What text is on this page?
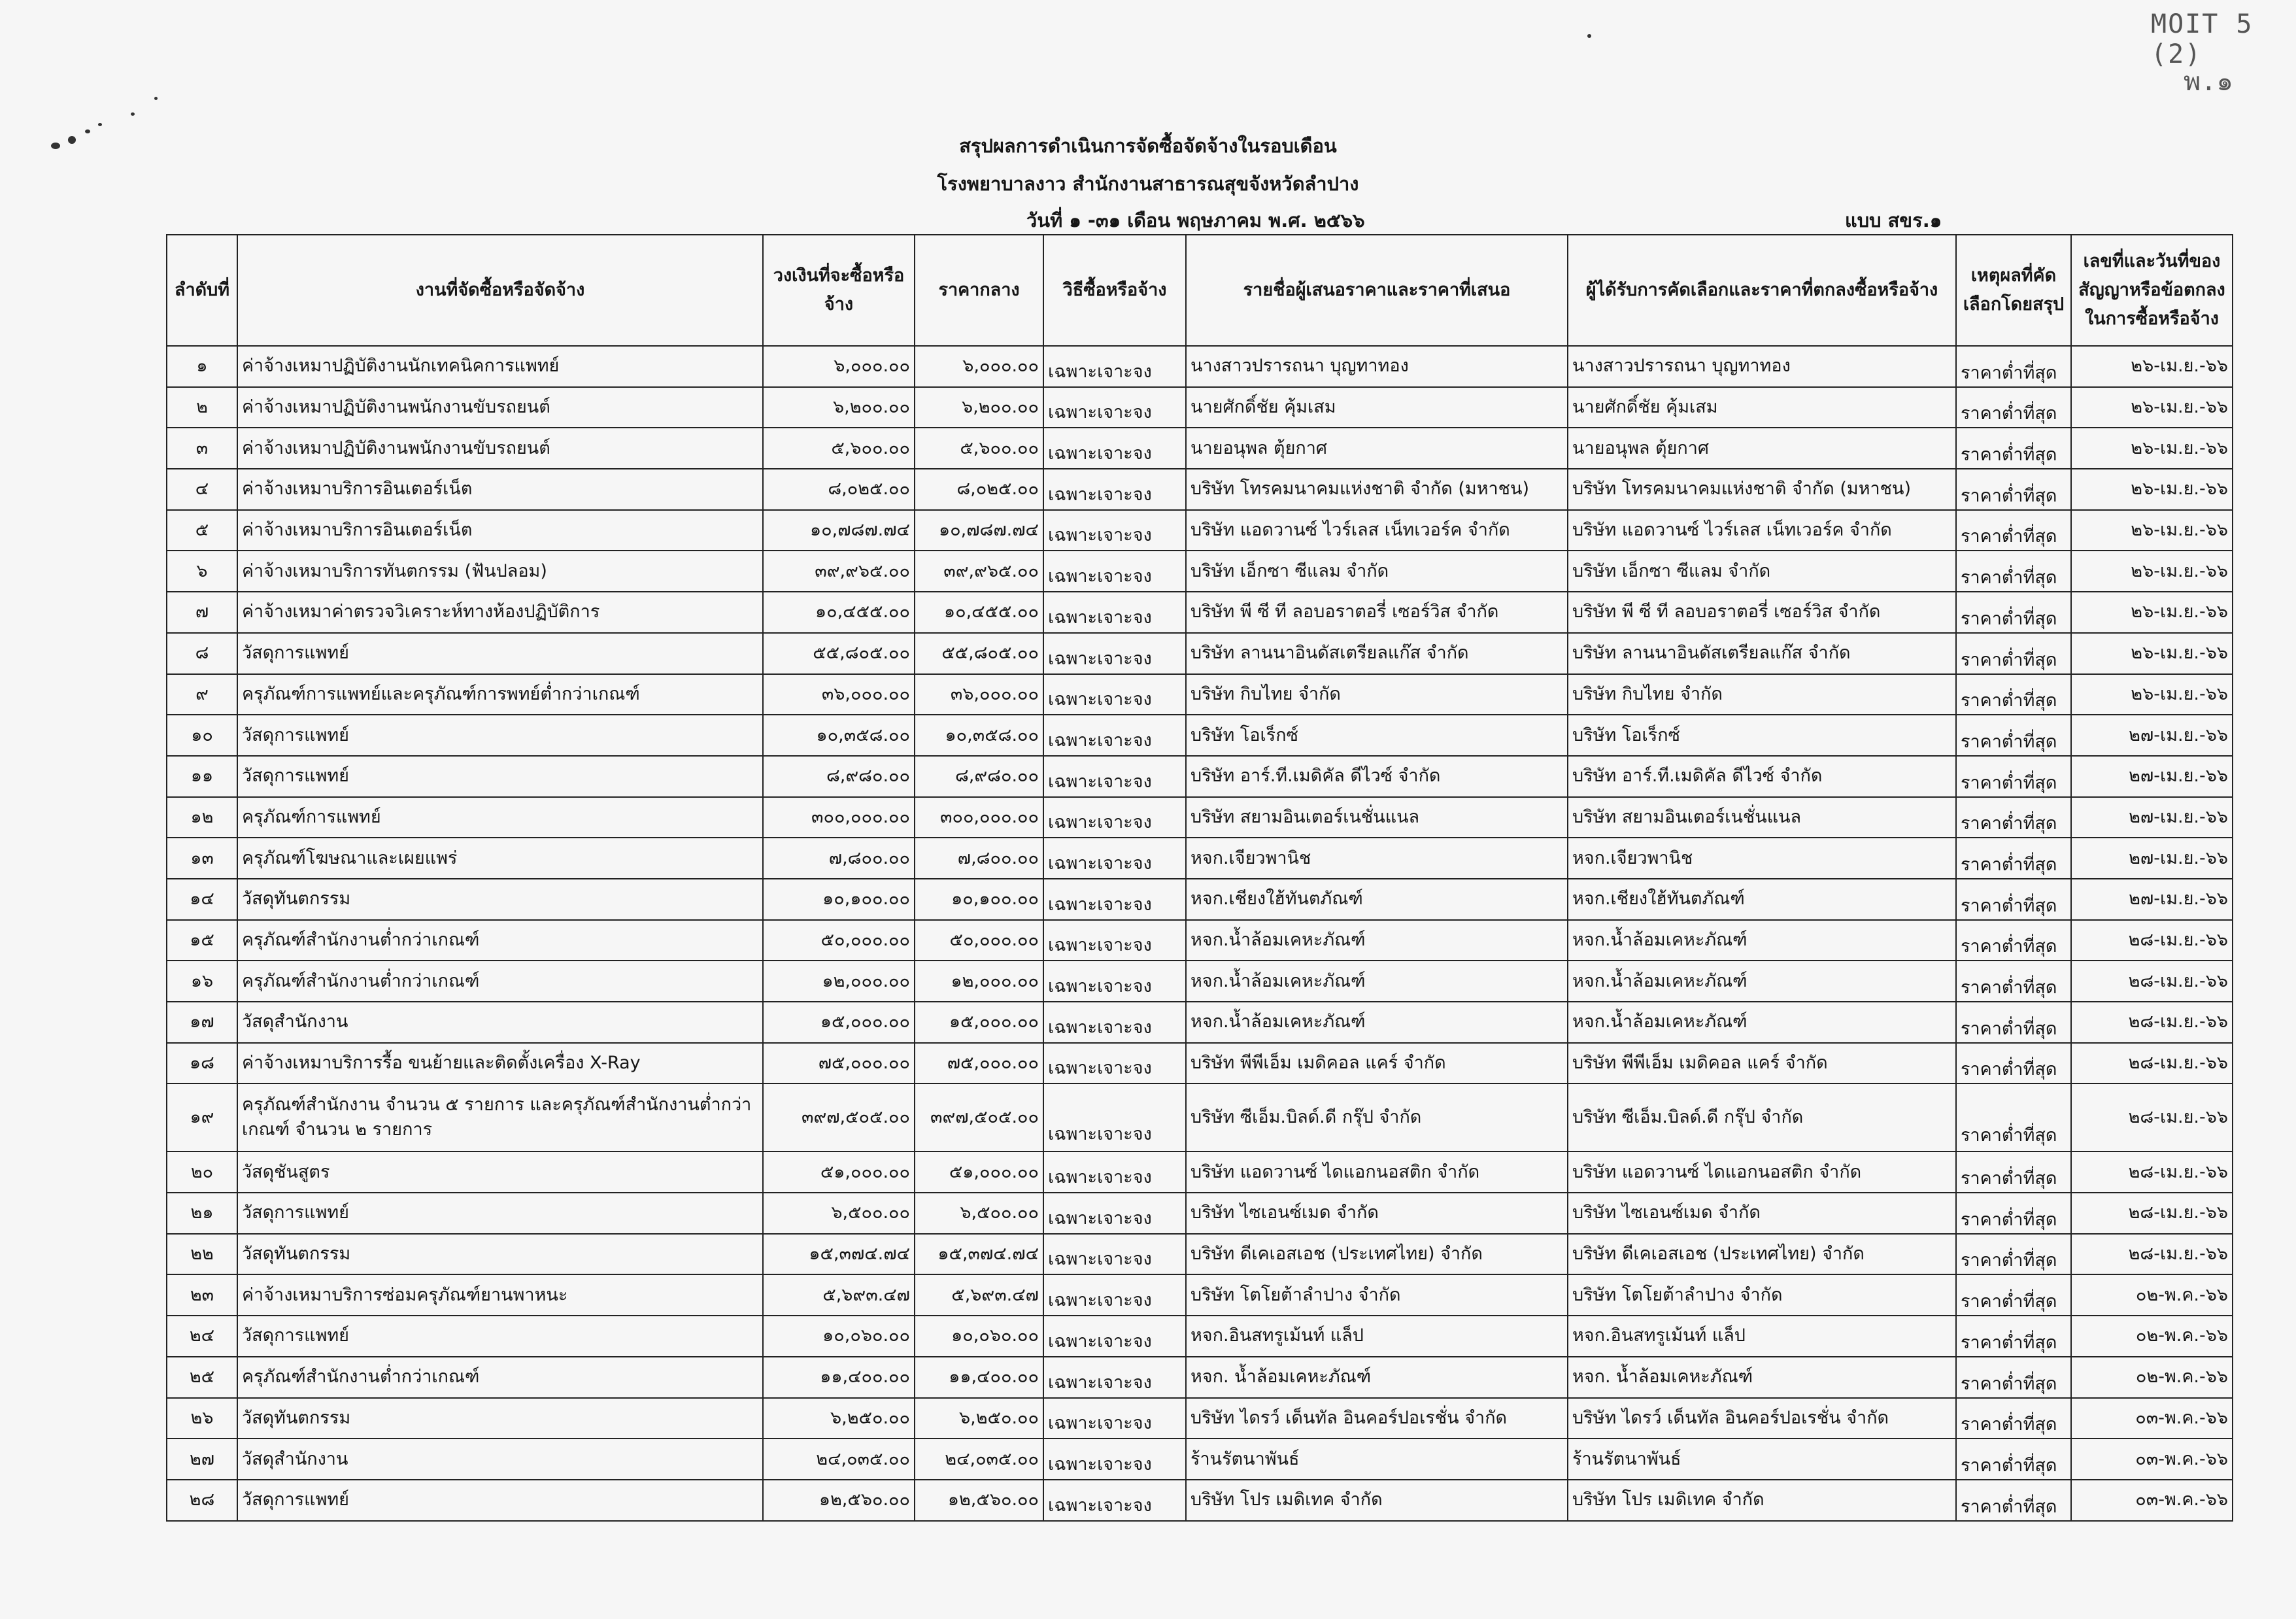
MOIT 5 (2)
พ.๑
สรุปผลการดำเนินการจัดซื้อจัดจ้างในรอบเดือน
โรงพยาบาลงาว สำนักงานสาธารณสุขจังหวัดลำปาง
วันที่ ๑ -๓๑ เดือน พฤษภาคม พ.ศ. ๒๕๖๖	แบบ สขร.๑
ลำดับที่	งานที่จัดซื้อหรือจัดจ้าง	วงเงินที่จะซื้อหรือจ้าง	ราคากลาง	วิธีซื้อหรือจ้าง	รายชื่อผู้เสนอราคาและราคาที่เสนอ	ผู้ได้รับการคัดเลือกและราคาที่ตกลงซื้อหรือจ้าง	เหตุผลที่คัดเลือกโดยสรุป	เลขที่และวันที่ของสัญญาหรือข้อตกลงในการซื้อหรือจ้าง
๑	ค่าจ้างเหมาปฏิบัติงานนักเทคนิคการแพทย์	๖,๐๐๐.๐๐	๖,๐๐๐.๐๐	เฉพาะเจาะจง	นางสาวปรารถนา บุญทาทอง	นางสาวปรารถนา บุญทาทอง	ราคาต่ำที่สุด	๒๖-เม.ย.-๖๖
๒	ค่าจ้างเหมาปฏิบัติงานพนักงานขับรถยนต์	๖,๒๐๐.๐๐	๖,๒๐๐.๐๐	เฉพาะเจาะจง	นายศักดิ์ชัย คุ้มเสม	นายศักดิ์ชัย คุ้มเสม	ราคาต่ำที่สุด	๒๖-เม.ย.-๖๖
๓	ค่าจ้างเหมาปฏิบัติงานพนักงานขับรถยนต์	๕,๖๐๐.๐๐	๕,๖๐๐.๐๐	เฉพาะเจาะจง	นายอนุพล ตุ้ยกาศ	นายอนุพล ตุ้ยกาศ	ราคาต่ำที่สุด	๒๖-เม.ย.-๖๖
๔	ค่าจ้างเหมาบริการอินเตอร์เน็ต	๘,๐๒๕.๐๐	๘,๐๒๕.๐๐	เฉพาะเจาะจง	บริษัท โทรคมนาคมแห่งชาติ จำกัด (มหาชน)	บริษัท โทรคมนาคมแห่งชาติ จำกัด (มหาชน)	ราคาต่ำที่สุด	๒๖-เม.ย.-๖๖
๕	ค่าจ้างเหมาบริการอินเตอร์เน็ต	๑๐,๗๘๗.๗๔	๑๐,๗๘๗.๗๔	เฉพาะเจาะจง	บริษัท แอดวานซ์ ไวร์เลส เน็ทเวอร์ค จำกัด	บริษัท แอดวานซ์ ไวร์เลส เน็ทเวอร์ค จำกัด	ราคาต่ำที่สุด	๒๖-เม.ย.-๖๖
๖	ค่าจ้างเหมาบริการทันตกรรม (ฟันปลอม)	๓๙,๙๖๕.๐๐	๓๙,๙๖๕.๐๐	เฉพาะเจาะจง	บริษัท เอ็กซา ซีแลม จำกัด	บริษัท เอ็กซา ซีแลม จำกัด	ราคาต่ำที่สุด	๒๖-เม.ย.-๖๖
๗	ค่าจ้างเหมาค่าตรวจวิเคราะห์ทางห้องปฏิบัติการ	๑๐,๔๕๕.๐๐	๑๐,๔๕๕.๐๐	เฉพาะเจาะจง	บริษัท พี ซี ที ลอบอราตอรี่ เซอร์วิส จำกัด	บริษัท พี ซี ที ลอบอราตอรี่ เซอร์วิส จำกัด	ราคาต่ำที่สุด	๒๖-เม.ย.-๖๖
๘	วัสดุการแพทย์	๕๕,๘๐๕.๐๐	๕๕,๘๐๕.๐๐	เฉพาะเจาะจง	บริษัท ลานนาอินดัสเตรียลแก๊ส จำกัด	บริษัท ลานนาอินดัสเตรียลแก๊ส จำกัด	ราคาต่ำที่สุด	๒๖-เม.ย.-๖๖
๙	ครุภัณฑ์การแพทย์และครุภัณฑ์การพทย์ต่ำกว่าเกณฑ์	๓๖,๐๐๐.๐๐	๓๖,๐๐๐.๐๐	เฉพาะเจาะจง	บริษัท กิบไทย จำกัด	บริษัท กิบไทย จำกัด	ราคาต่ำที่สุด	๒๖-เม.ย.-๖๖
๑๐	วัสดุการแพทย์	๑๐,๓๕๘.๐๐	๑๐,๓๕๘.๐๐	เฉพาะเจาะจง	บริษัท โอเร็กซ์	บริษัท โอเร็กซ์	ราคาต่ำที่สุด	๒๗-เม.ย.-๖๖
๑๑	วัสดุการแพทย์	๘,๙๘๐.๐๐	๘,๙๘๐.๐๐	เฉพาะเจาะจง	บริษัท อาร์.ที.เมดิคัล ดีไวซ์ จำกัด	บริษัท อาร์.ที.เมดิคัล ดีไวซ์ จำกัด	ราคาต่ำที่สุด	๒๗-เม.ย.-๖๖
๑๒	ครุภัณฑ์การแพทย์	๓๐๐,๐๐๐.๐๐	๓๐๐,๐๐๐.๐๐	เฉพาะเจาะจง	บริษัท สยามอินเตอร์เนชั่นแนล	บริษัท สยามอินเตอร์เนชั่นแนล	ราคาต่ำที่สุด	๒๗-เม.ย.-๖๖
๑๓	ครุภัณฑ์โฆษณาและเผยแพร่	๗,๘๐๐.๐๐	๗,๘๐๐.๐๐	เฉพาะเจาะจง	หจก.เจียวพานิช	หจก.เจียวพานิช	ราคาต่ำที่สุด	๒๗-เม.ย.-๖๖
๑๔	วัสดุทันตกรรม	๑๐,๑๐๐.๐๐	๑๐,๑๐๐.๐๐	เฉพาะเจาะจง	หจก.เชียงใฮ้ทันตภัณฑ์	หจก.เชียงใฮ้ทันตภัณฑ์	ราคาต่ำที่สุด	๒๗-เม.ย.-๖๖
๑๕	ครุภัณฑ์สำนักงานต่ำกว่าเกณฑ์	๕๐,๐๐๐.๐๐	๕๐,๐๐๐.๐๐	เฉพาะเจาะจง	หจก.น้ำล้อมเคหะภัณฑ์	หจก.น้ำล้อมเคหะภัณฑ์	ราคาต่ำที่สุด	๒๘-เม.ย.-๖๖
๑๖	ครุภัณฑ์สำนักงานต่ำกว่าเกณฑ์	๑๒,๐๐๐.๐๐	๑๒,๐๐๐.๐๐	เฉพาะเจาะจง	หจก.น้ำล้อมเคหะภัณฑ์	หจก.น้ำล้อมเคหะภัณฑ์	ราคาต่ำที่สุด	๒๘-เม.ย.-๖๖
๑๗	วัสดุสำนักงาน	๑๕,๐๐๐.๐๐	๑๕,๐๐๐.๐๐	เฉพาะเจาะจง	หจก.น้ำล้อมเคหะภัณฑ์	หจก.น้ำล้อมเคหะภัณฑ์	ราคาต่ำที่สุด	๒๘-เม.ย.-๖๖
๑๘	ค่าจ้างเหมาบริการรื้อ ขนย้ายและติดตั้งเครื่อง X-Ray	๗๕,๐๐๐.๐๐	๗๕,๐๐๐.๐๐	เฉพาะเจาะจง	บริษัท พีพีเอ็ม เมดิคอล แคร์ จำกัด	บริษัท พีพีเอ็ม เมดิคอล แคร์ จำกัด	ราคาต่ำที่สุด	๒๘-เม.ย.-๖๖
๑๙	ครุภัณฑ์สำนักงาน จำนวน ๕ รายการ และครุภัณฑ์สำนักงานต่ำกว่าเกณฑ์ จำนวน ๒ รายการ	๓๙๗,๕๐๕.๐๐	๓๙๗,๕๐๕.๐๐	เฉพาะเจาะจง	บริษัท ซีเอ็ม.บิลด์.ดี กรุ๊ป จำกัด	บริษัท ซีเอ็ม.บิลด์.ดี กรุ๊ป จำกัด	ราคาต่ำที่สุด	๒๘-เม.ย.-๖๖
๒๐	วัสดุชันสูตร	๕๑,๐๐๐.๐๐	๕๑,๐๐๐.๐๐	เฉพาะเจาะจง	บริษัท แอดวานซ์ ไดแอกนอสติก จำกัด	บริษัท แอดวานซ์ ไดแอกนอสติก จำกัด	ราคาต่ำที่สุด	๒๘-เม.ย.-๖๖
๒๑	วัสดุการแพทย์	๖,๕๐๐.๐๐	๖,๕๐๐.๐๐	เฉพาะเจาะจง	บริษัท ไซเอนซ์เมด จำกัด	บริษัท ไซเอนซ์เมด จำกัด	ราคาต่ำที่สุด	๒๘-เม.ย.-๖๖
๒๒	วัสดุทันตกรรม	๑๕,๓๗๔.๗๔	๑๕,๓๗๔.๗๔	เฉพาะเจาะจง	บริษัท ดีเคเอสเอช (ประเทศไทย) จำกัด	บริษัท ดีเคเอสเอช (ประเทศไทย) จำกัด	ราคาต่ำที่สุด	๒๘-เม.ย.-๖๖
๒๓	ค่าจ้างเหมาบริการซ่อมครุภัณฑ์ยานพาหนะ	๕,๖๙๓.๔๗	๕,๖๙๓.๔๗	เฉพาะเจาะจง	บริษัท โตโยต้าลำปาง จำกัด	บริษัท โตโยต้าลำปาง จำกัด	ราคาต่ำที่สุด	๐๒-พ.ค.-๖๖
๒๔	วัสดุการแพทย์	๑๐,๐๖๐.๐๐	๑๐,๐๖๐.๐๐	เฉพาะเจาะจง	หจก.อินสทรูเม้นท์ แล็ป	หจก.อินสทรูเม้นท์ แล็ป	ราคาต่ำที่สุด	๐๒-พ.ค.-๖๖
๒๕	ครุภัณฑ์สำนักงานต่ำกว่าเกณฑ์	๑๑,๔๐๐.๐๐	๑๑,๔๐๐.๐๐	เฉพาะเจาะจง	หจก. น้ำล้อมเคหะภัณฑ์	หจก. น้ำล้อมเคหะภัณฑ์	ราคาต่ำที่สุด	๐๒-พ.ค.-๖๖
๒๖	วัสดุทันตกรรม	๖,๒๕๐.๐๐	๖,๒๕๐.๐๐	เฉพาะเจาะจง	บริษัท ไดรว์ เด็นทัล อินคอร์ปอเรชั่น จำกัด	บริษัท ไดรว์ เด็นทัล อินคอร์ปอเรชั่น จำกัด	ราคาต่ำที่สุด	๐๓-พ.ค.-๖๖
๒๗	วัสดุสำนักงาน	๒๔,๐๓๕.๐๐	๒๔,๐๓๕.๐๐	เฉพาะเจาะจง	ร้านรัตนาพันธ์	ร้านรัตนาพันธ์	ราคาต่ำที่สุด	๐๓-พ.ค.-๖๖
๒๘	วัสดุการแพทย์	๑๒,๕๖๐.๐๐	๑๒,๕๖๐.๐๐	เฉพาะเจาะจง	บริษัท โปร เมดิเทค จำกัด	บริษัท โปร เมดิเทค จำกัด	ราคาต่ำที่สุด	๐๓-พ.ค.-๖๖
